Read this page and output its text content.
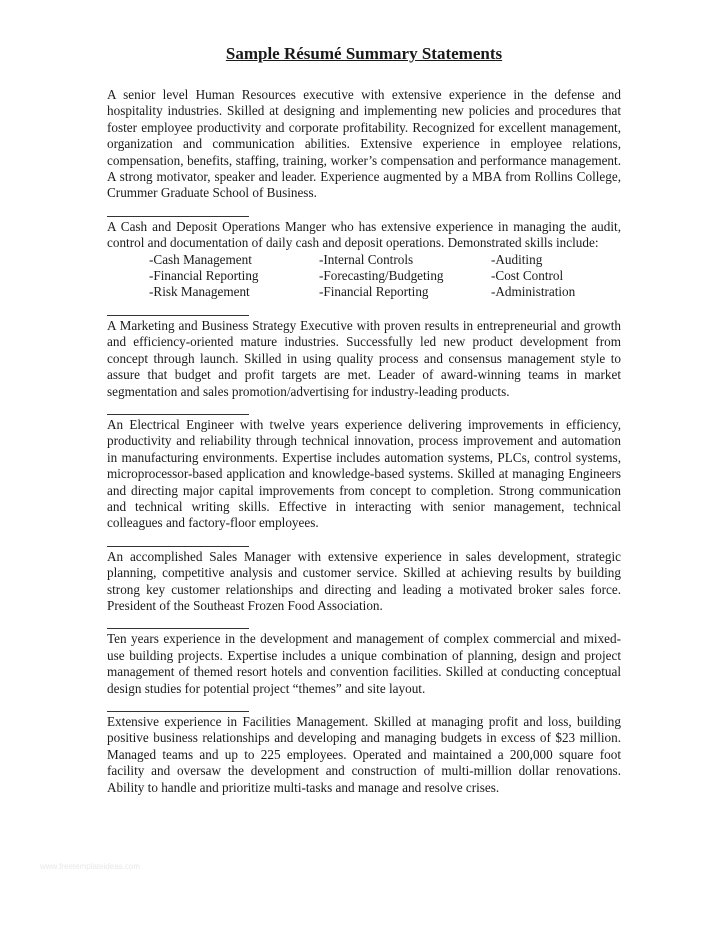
Sample Résumé Summary Statements

A senior level Human Resources executive with extensive experience in the defense and hospitality industries. Skilled at designing and implementing new policies and procedures that foster employee productivity and corporate profitability. Recognized for excellent management, organization and communication abilities. Extensive experience in employee relations, compensation, benefits, staffing, training, worker’s compensation and performance management. A strong motivator, speaker and leader. Experience augmented by a MBA from Rollins College, Crummer Graduate School of Business.

A Cash and Deposit Operations Manger who has extensive experience in managing the audit, control and documentation of daily cash and deposit operations. Demonstrated skills include:

-Cash Management	-Internal Controls	-Auditing
-Financial Reporting	-Forecasting/Budgeting	-Cost Control
-Risk Management	-Financial Reporting	-Administration

A Marketing and Business Strategy Executive with proven results in entrepreneurial and growth and efficiency-oriented mature industries. Successfully led new product development from concept through launch. Skilled in using quality process and consensus management style to assure that budget and profit targets are met. Leader of award-winning teams in market segmentation and sales promotion/advertising for industry-leading products.

An Electrical Engineer with twelve years experience delivering improvements in efficiency, productivity and reliability through technical innovation, process improvement and automation in manufacturing environments. Expertise includes automation systems, PLCs, control systems, microprocessor-based application and knowledge-based systems. Skilled at managing Engineers and directing major capital improvements from concept to completion. Strong communication and technical writing skills. Effective in interacting with senior management, technical colleagues and factory-floor employees.

An accomplished Sales Manager with extensive experience in sales development, strategic planning, competitive analysis and customer service. Skilled at achieving results by building strong key customer relationships and directing and leading a motivated broker sales force. President of the Southeast Frozen Food Association.

Ten years experience in the development and management of complex commercial and mixed-use building projects. Expertise includes a unique combination of planning, design and project management of themed resort hotels and convention facilities. Skilled at conducting conceptual design studies for potential project “themes” and site layout.

Extensive experience in Facilities Management. Skilled at managing profit and loss, building positive business relationships and developing and managing budgets in excess of $23 million. Managed teams and up to 225 employees. Operated and maintained a 200,000 square foot facility and oversaw the development and construction of multi-million dollar renovations. Ability to handle and prioritize multi-tasks and manage and resolve crises.

www.freetemplateideas.com
